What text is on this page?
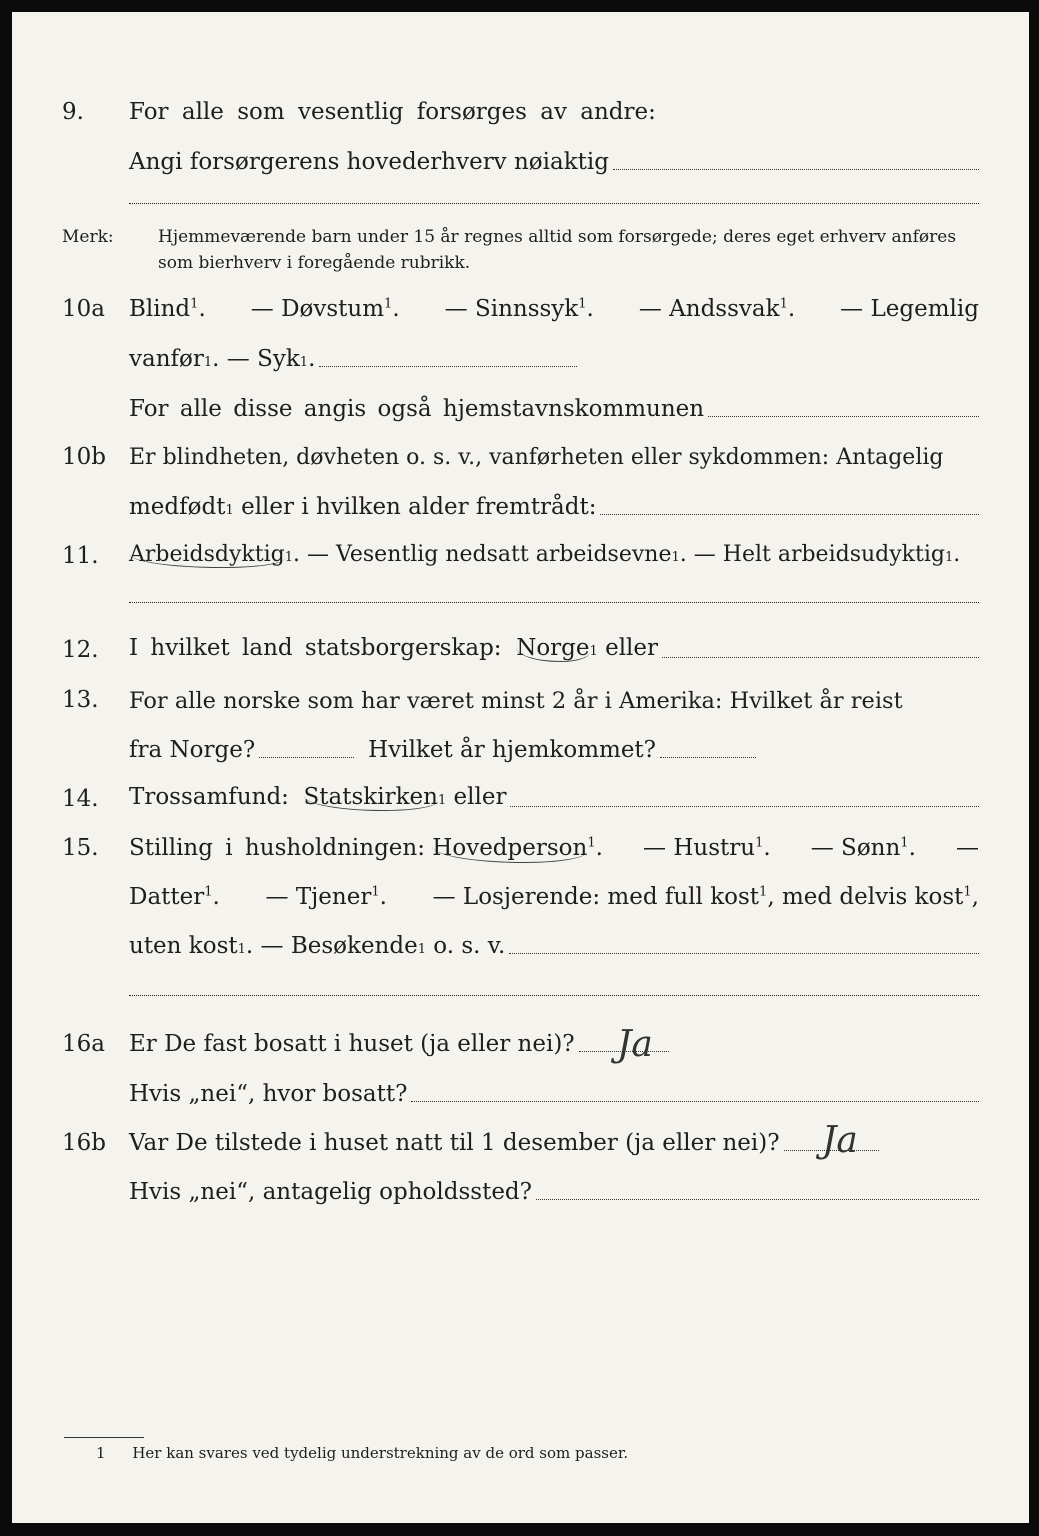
9.	For alle som vesentlig forsørges av andre:
Angi forsørgerens hovederhverv nøiaktig
Merk:	Hjemmeværende barn under 15 år regnes alltid som forsørgede; deres eget erhverv anføres som bierhverv i foregående rubrikk.
10a	Blind$^1$. — Døvstum$^1$. — Sinnssyk$^1$. — Andssvak$^1$. — Legemlig
vanfør 1 . — Syk 1 .
For alle disse angis også hjemstavnskommunen
10b	Er blindheten, døvheten o. s. v., vanførheten eller sykdommen: Antagelig
medfødt 1
eller i hvilken alder fremtrådt:
11.	Arbeidsdyktig 1 . — Vesentlig nedsatt arbeidsevne 1 . — Helt arbeidsudyktig 1 .
12.	I hvilket land statsborgerskap:
Norge 1
eller
13.	For alle norske som har været minst 2 år i Amerika: Hvilket år reist
fra Norge?	Hvilket år hjemkommet?
14.	Trossamfund:
Statskirken 1
eller
15.	Stilling i husholdningen: Hovedperson$^1$. — Hustru$^1$. — Sønn$^1$. —
Datter$^1$. — Tjener$^1$. — Losjerende: med full kost$^1$, med delvis kost$^1$,
uten kost 1 . — Besøkende 1
o. s. v.
16a	Er De fast bosatt i huset (ja eller nei)? Ja
Hvis „nei“, hvor bosatt?
16b	Var De tilstede i huset natt til 1 desember (ja eller nei)? Ja
Hvis „nei“, antagelig opholdssted?
1 Her kan svares ved tydelig understrekning av de ord som passer.
